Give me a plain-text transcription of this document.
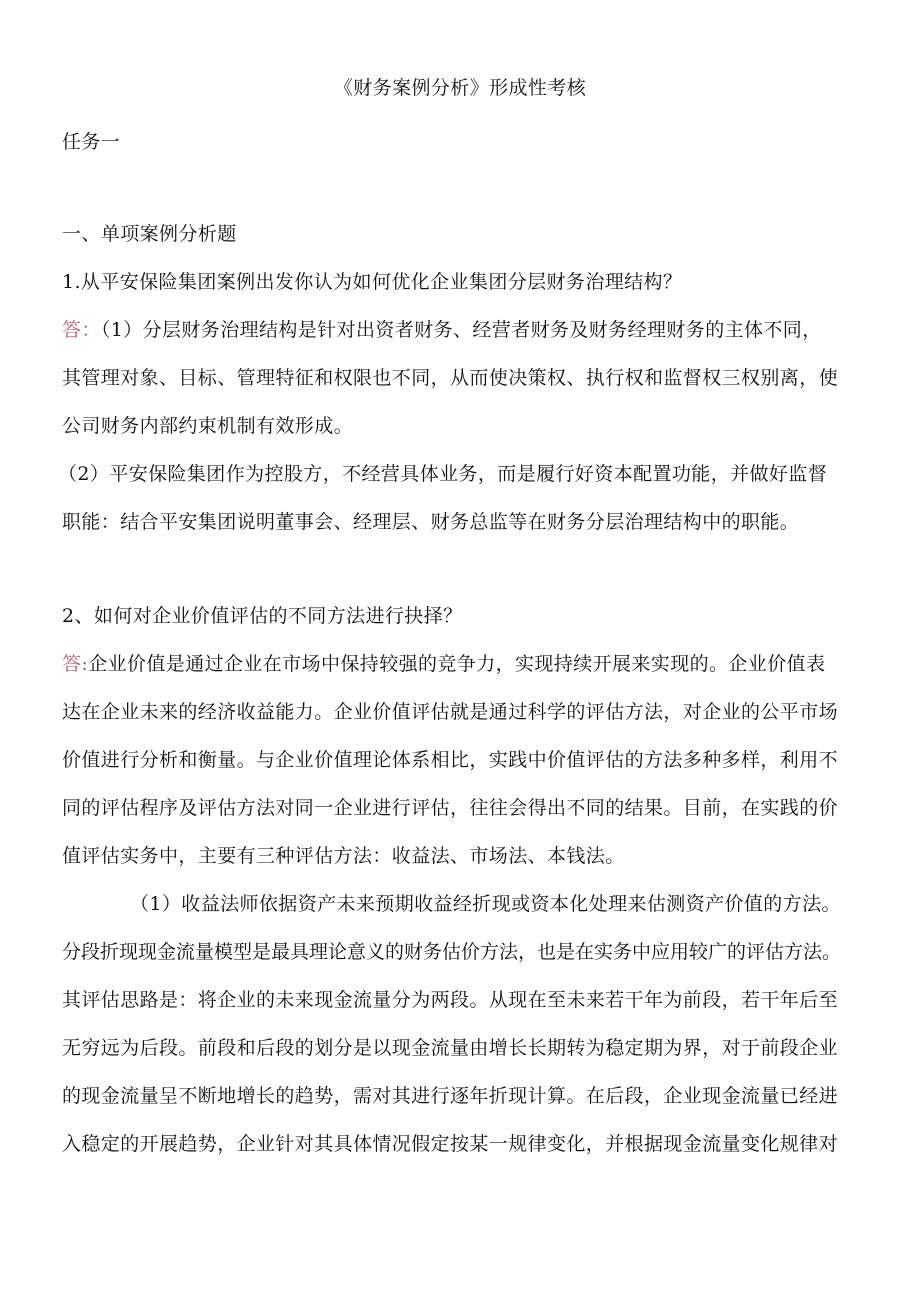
《财务案例分析》形成性考核
任务一
一、单项案例分析题
1.从平安保险集团案例出发你认为如何优化企业集团分层财务治理结构？
答：（1）分层财务治理结构是针对出资者财务、经营者财务及财务经理财务的主体不同，
其管理对象、目标、管理特征和权限也不同，从而使决策权、执行权和监督权三权别离，使
公司财务内部约束机制有效形成。
（2）平安保险集团作为控股方，不经营具体业务，而是履行好资本配置功能，并做好监督
职能：结合平安集团说明董事会、经理层、财务总监等在财务分层治理结构中的职能。
2、如何对企业价值评估的不同方法进行抉择？
答:企业价值是通过企业在市场中保持较强的竞争力，实现持续开展来实现的。企业价值表
达在企业未来的经济收益能力。企业价值评估就是通过科学的评估方法，对企业的公平市场
价值进行分析和衡量。与企业价值理论体系相比，实践中价值评估的方法多种多样，利用不
同的评估程序及评估方法对同一企业进行评估，往往会得出不同的结果。目前，在实践的价
值评估实务中，主要有三种评估方法：收益法、市场法、本钱法。
（1）收益法师依据资产未来预期收益经折现或资本化处理来估测资产价值的方法。
分段折现现金流量模型是最具理论意义的财务估价方法，也是在实务中应用较广的评估方法。
其评估思路是：将企业的未来现金流量分为两段。从现在至未来若干年为前段，若干年后至
无穷远为后段。前段和后段的划分是以现金流量由增长长期转为稳定期为界，对于前段企业
的现金流量呈不断地增长的趋势，需对其进行逐年折现计算。在后段，企业现金流量已经进
入稳定的开展趋势，企业针对其具体情况假定按某一规律变化，并根据现金流量变化规律对
